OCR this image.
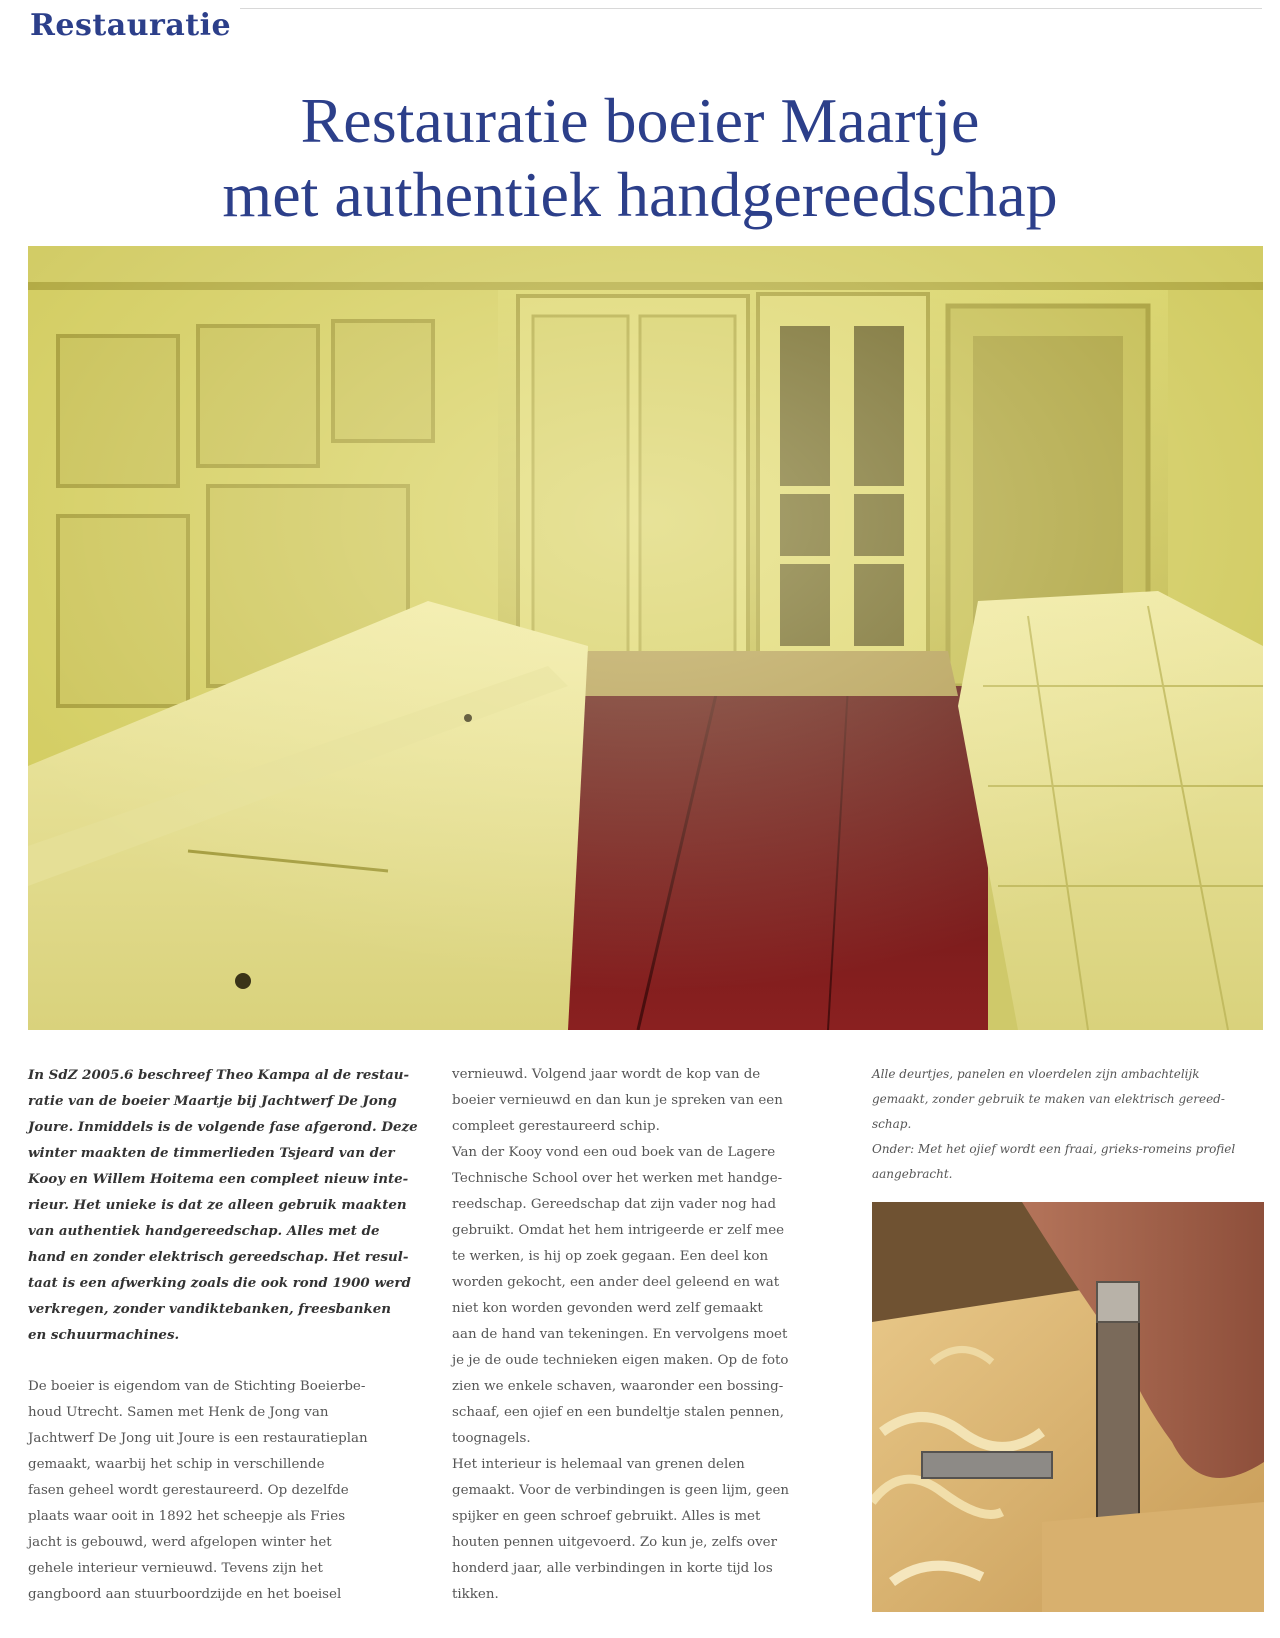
Restauratie
Restauratie boeier Maartje
met authentiek handgereedschap

In SdZ 2005.6 beschreef Theo Kampa al de restau-
ratie van de boeier Maartje bij Jachtwerf De Jong
Joure. Inmiddels is de volgende fase afgerond. Deze
winter maakten de timmerlieden Tsjeard van der
Kooy en Willem Hoitema een compleet nieuw inte-
rieur. Het unieke is dat ze alleen gebruik maakten
van authentiek handgereedschap. Alles met de
hand en zonder elektrisch gereedschap. Het resul-
taat is een afwerking zoals die ook rond 1900 werd
verkregen, zonder vandiktebanken, freesbanken
en schuurmachines.

De boeier is eigendom van de Stichting Boeierbe-
houd Utrecht. Samen met Henk de Jong van
Jachtwerf De Jong uit Joure is een restauratieplan
gemaakt, waarbij het schip in verschillende
fasen geheel wordt gerestaureerd. Op dezelfde
plaats waar ooit in 1892 het scheepje als Fries
jacht is gebouwd, werd afgelopen winter het
gehele interieur vernieuwd. Tevens zijn het
gangboord aan stuurboordzijde en het boeisel

vernieuwd. Volgend jaar wordt de kop van de
boeier vernieuwd en dan kun je spreken van een
compleet gerestaureerd schip.
Van der Kooy vond een oud boek van de Lagere
Technische School over het werken met handge-
reedschap. Gereedschap dat zijn vader nog had
gebruikt. Omdat het hem intrigeerde er zelf mee
te werken, is hij op zoek gegaan. Een deel kon
worden gekocht, een ander deel geleend en wat
niet kon worden gevonden werd zelf gemaakt
aan de hand van tekeningen. En vervolgens moet
je je de oude technieken eigen maken. Op de foto
zien we enkele schaven, waaronder een bossing-
schaaf, een ojief en een bundeltje stalen pennen,
toognagels.
Het interieur is helemaal van grenen delen
gemaakt. Voor de verbindingen is geen lijm, geen
spijker en geen schroef gebruikt. Alles is met
houten pennen uitgevoerd. Zo kun je, zelfs over
honderd jaar, alle verbindingen in korte tijd los
tikken.

Alle deurtjes, panelen en vloerdelen zijn ambachtelijk
gemaakt, zonder gebruik te maken van elektrisch gereed-
schap.
Onder: Met het ojief wordt een fraai, grieks-romeins profiel
aangebracht.
